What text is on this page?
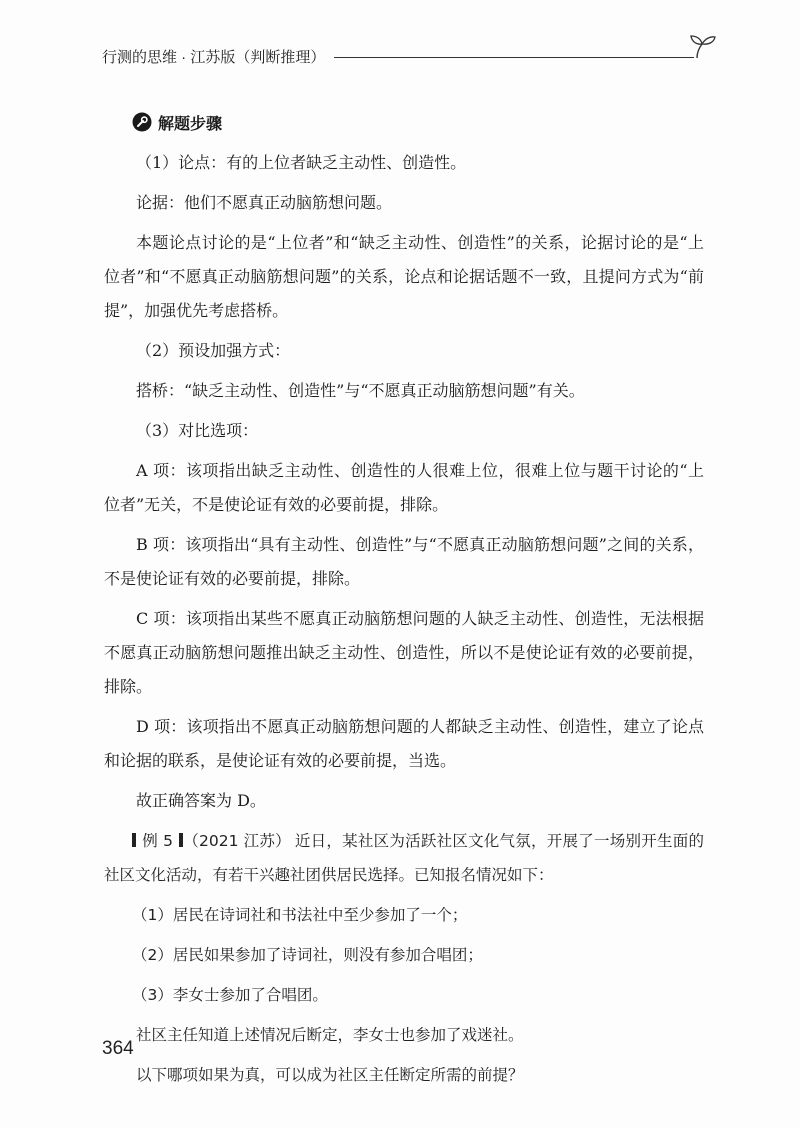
行测的思维 · 江苏版（判断推理）
解题步骤

（1）论点：有的上位者缺乏主动性、创造性。

论据：他们不愿真正动脑筋想问题。

本题论点讨论的是“上位者”和“缺乏主动性、创造性”的关系，论据讨论的是“上位者”和“不愿真正动脑筋想问题”的关系，论点和论据话题不一致，且提问方式为“前提”，加强优先考虑搭桥。

（2）预设加强方式：

搭桥：“缺乏主动性、创造性”与“不愿真正动脑筋想问题”有关。

（3）对比选项：

A 项：该项指出缺乏主动性、创造性的人很难上位，很难上位与题干讨论的“上位者”无关，不是使论证有效的必要前提，排除。

B 项：该项指出“具有主动性、创造性”与“不愿真正动脑筋想问题”之间的关系，不是使论证有效的必要前提，排除。

C 项：该项指出某些不愿真正动脑筋想问题的人缺乏主动性、创造性，无法根据不愿真正动脑筋想问题推出缺乏主动性、创造性，所以不是使论证有效的必要前提，排除。

D 项：该项指出不愿真正动脑筋想问题的人都缺乏主动性、创造性，建立了论点和论据的联系，是使论证有效的必要前提，当选。

故正确答案为 D。

例 5 （2021 江苏） 近日，某社区为活跃社区文化气氛，开展了一场别开生面的社区文化活动，有若干兴趣社团供居民选择。已知报名情况如下：

（1）居民在诗词社和书法社中至少参加了一个；

（2）居民如果参加了诗词社，则没有参加合唱团；

（3）李女士参加了合唱团。

社区主任知道上述情况后断定，李女士也参加了戏迷社。

以下哪项如果为真，可以成为社区主任断定所需的前提？

364
